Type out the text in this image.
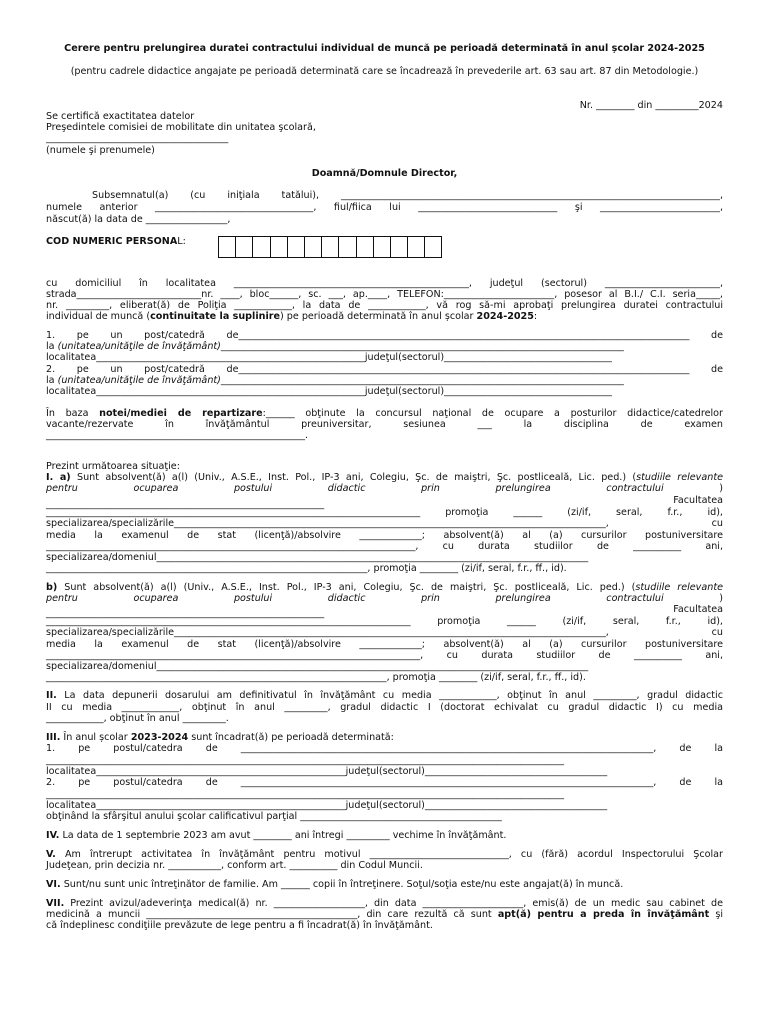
Cerere pentru prelungirea duratei contractului individual de muncă pe perioadă determinată în anul școlar 2024-2025
(pentru cadrele didactice angajate pe perioadă determinată care se încadrează în prevederile art. 63 sau art. 87 din Metodologie.)
Nr. ________ din _________2024
Se certifică exactitatea datelor
Preşedintele comisiei de mobilitate din unitatea şcolară,
______________________________________
(numele şi prenumele)
Doamnă/Domnule Director,
Subsemnatul(a) (cu iniţiala tatălui), _______________________________________________________________________________,
numele anterior _________________________________, fiul/fiica lui _____________________________ şi _________________________,
născut(ă) la data de _________________,
COD NUMERIC PERSONAL:
cu domiciliul în localitatea _________________________________________________, judeţul (sectorul) ________________________,
strada__________________________nr. ____, bloc______, sc. ___, ap.____, TELEFON:_______________________, posesor al B.I./ C.I. seria_____,
nr. _________, eliberat(ă) de Poliţia ____________, la data de ____________, vă rog să-mi aprobaţi prelungirea duratei contractului
individual de muncă (continuitate la suplinire) pe perioadă determinată în anul școlar 2024-2025:
1. pe un post/catedră de______________________________________________________________________________________________ de
la (unitatea/unităţile de învăţământ)____________________________________________________________________________________
localitatea________________________________________________________judeţul(sectorul)___________________________________
2. pe un post/catedră de______________________________________________________________________________________________ de
la (unitatea/unităţile de învăţământ)____________________________________________________________________________________
localitatea________________________________________________________judeţul(sectorul)___________________________________
În baza notei/mediei de repartizare:______ obţinute la concursul naţional de ocupare a posturilor didactice/catedrelor
vacante/rezervate în învăţământul preuniversitar, sesiunea ___ la disciplina de examen
______________________________________________________.
Prezint următoarea situaţie:
I. a) Sunt absolvent(ă) a(l) (Univ., A.S.E., Inst. Pol., IP-3 ani, Colegiu, Şc. de maiştri, Şc. postliceală, Lic. ped.) (studiile relevante
pentru ocuparea postului didactic prin prelungirea contractului	)
Facultatea
__________________________________________________________
______________________________________________________________________________ promoţia ______ (zi/if, seral, f.r., id),
specializarea/specializările__________________________________________________________________________________________, cu
media la examenul de stat (licenţă)/absolvire _____________; absolvent(ă) al (a) cursurilor postuniversitare
_____________________________________________________________________________, cu durata studiilor de __________ ani,
specializarea/domeniul__________________________________________________________________________________________
___________________________________________________________________, promoţia ________ (zi/if, seral, f.r., ff., id).
b) Sunt absolvent(ă) a(l) (Univ., A.S.E., Inst. Pol., IP-3 ani, Colegiu, Şc. de maiştri, Şc. postliceală, Lic. ped.) (studiile relevante
pentru ocuparea postului didactic prin prelungirea contractului	)
Facultatea
__________________________________________________________
____________________________________________________________________________ promoţia ______ (zi/if, seral, f.r., id),
specializarea/specializările__________________________________________________________________________________________, cu
media la examenul de stat (licenţă)/absolvire _____________; absolvent(ă) al (a) cursurilor postuniversitare
______________________________________________________________________________, cu durata studiilor de __________ ani,
specializarea/domeniul__________________________________________________________________________________________
_______________________________________________________________________, promoţia ________ (zi/if, seral, f.r., ff., id).
II. La data depunerii dosarului am definitivatul în învăţământ cu media ____________, obţinut în anul _________, gradul didactic
II cu media ____________, obţinut în anul _________, gradul didactic I (doctorat echivalat cu gradul didactic I) cu media
____________, obţinut în anul _________.
III. În anul școlar 2023-2024 sunt încadrat(ă) pe perioadă determinată:
1. pe postul/catedra de ______________________________________________________________________________________, de la
____________________________________________________________________________________________________________
localitatea____________________________________________________judeţul(sectorul)______________________________________
2. pe postul/catedra de ______________________________________________________________________________________, de la
____________________________________________________________________________________________________________
localitatea____________________________________________________judeţul(sectorul)______________________________________
obţinând la sfârşitul anului şcolar calificativul parţial __________________________________________
IV. La data de 1 septembrie 2023 am avut ________ ani întregi _________ vechime în învăţământ.
V. Am întrerupt activitatea în învăţământ pentru motivul _____________________________, cu (fără) acordul Inspectorului Şcolar
Judeţean, prin decizia nr. ___________, conform art. __________ din Codul Muncii.
VI. Sunt/nu sunt unic întreţinător de familie. Am ______ copii în întreţinere. Soţul/soţia este/nu este angajat(ă) în muncă.
VII. Prezint avizul/adeverinţa medical(ă) nr. ___________________, din data _____________________, emis(ă) de un medic sau cabinet de
medicină a muncii ____________________________________________, din care rezultă că sunt apt(ă) pentru a preda în învăţământ şi
că îndeplinesc condiţiile prevăzute de lege pentru a fi încadrat(ă) în învăţământ.
